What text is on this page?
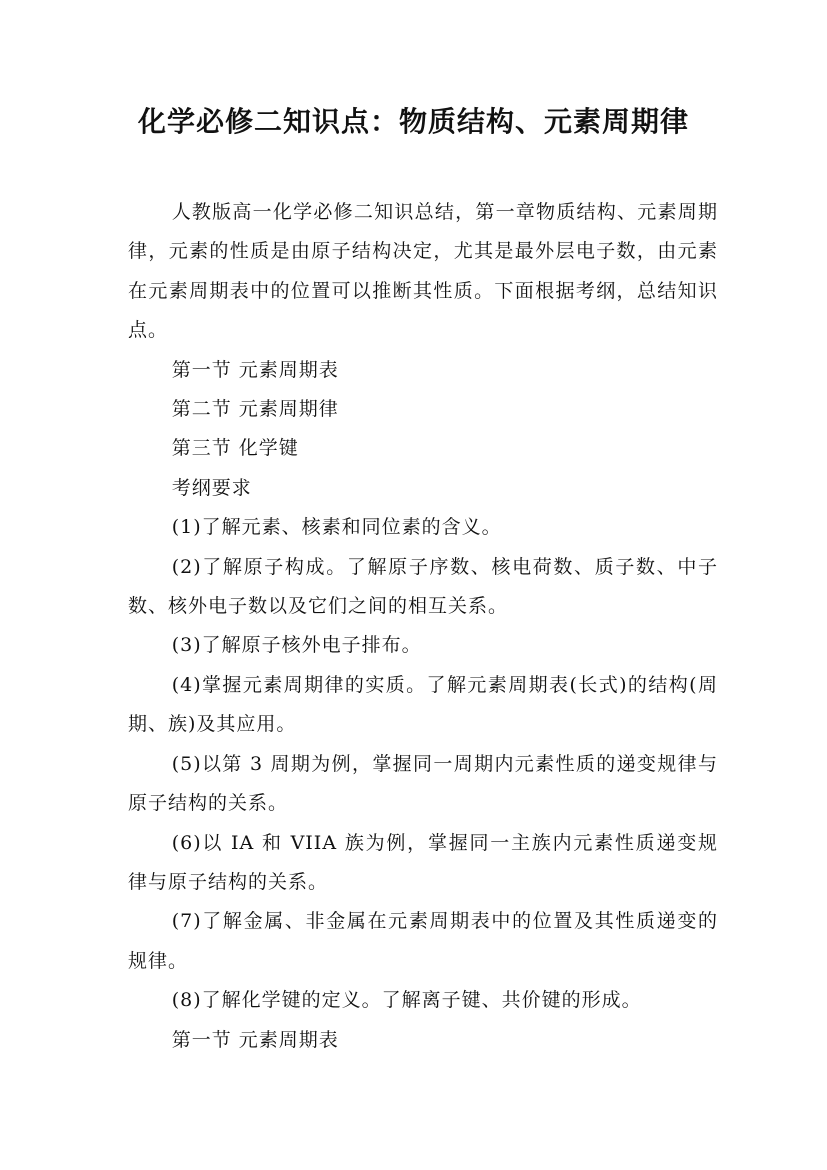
化学必修二知识点：物质结构、元素周期律

人教版高一化学必修二知识总结，第一章物质结构、元素周期律，元素的性质是由原子结构决定，尤其是最外层电子数，由元素在元素周期表中的位置可以推断其性质。下面根据考纲，总结知识点。

第一节 元素周期表

第二节 元素周期律

第三节 化学键

考纲要求

(1)了解元素、核素和同位素的含义。

(2)了解原子构成。了解原子序数、核电荷数、质子数、中子数、核外电子数以及它们之间的相互关系。

(3)了解原子核外电子排布。

(4)掌握元素周期律的实质。了解元素周期表(长式)的结构(周期、族)及其应用。

(5)以第 3 周期为例，掌握同一周期内元素性质的递变规律与原子结构的关系。

(6)以 IA 和 VIIA 族为例，掌握同一主族内元素性质递变规律与原子结构的关系。

(7)了解金属、非金属在元素周期表中的位置及其性质递变的规律。

(8)了解化学键的定义。了解离子键、共价键的形成。

第一节 元素周期表
